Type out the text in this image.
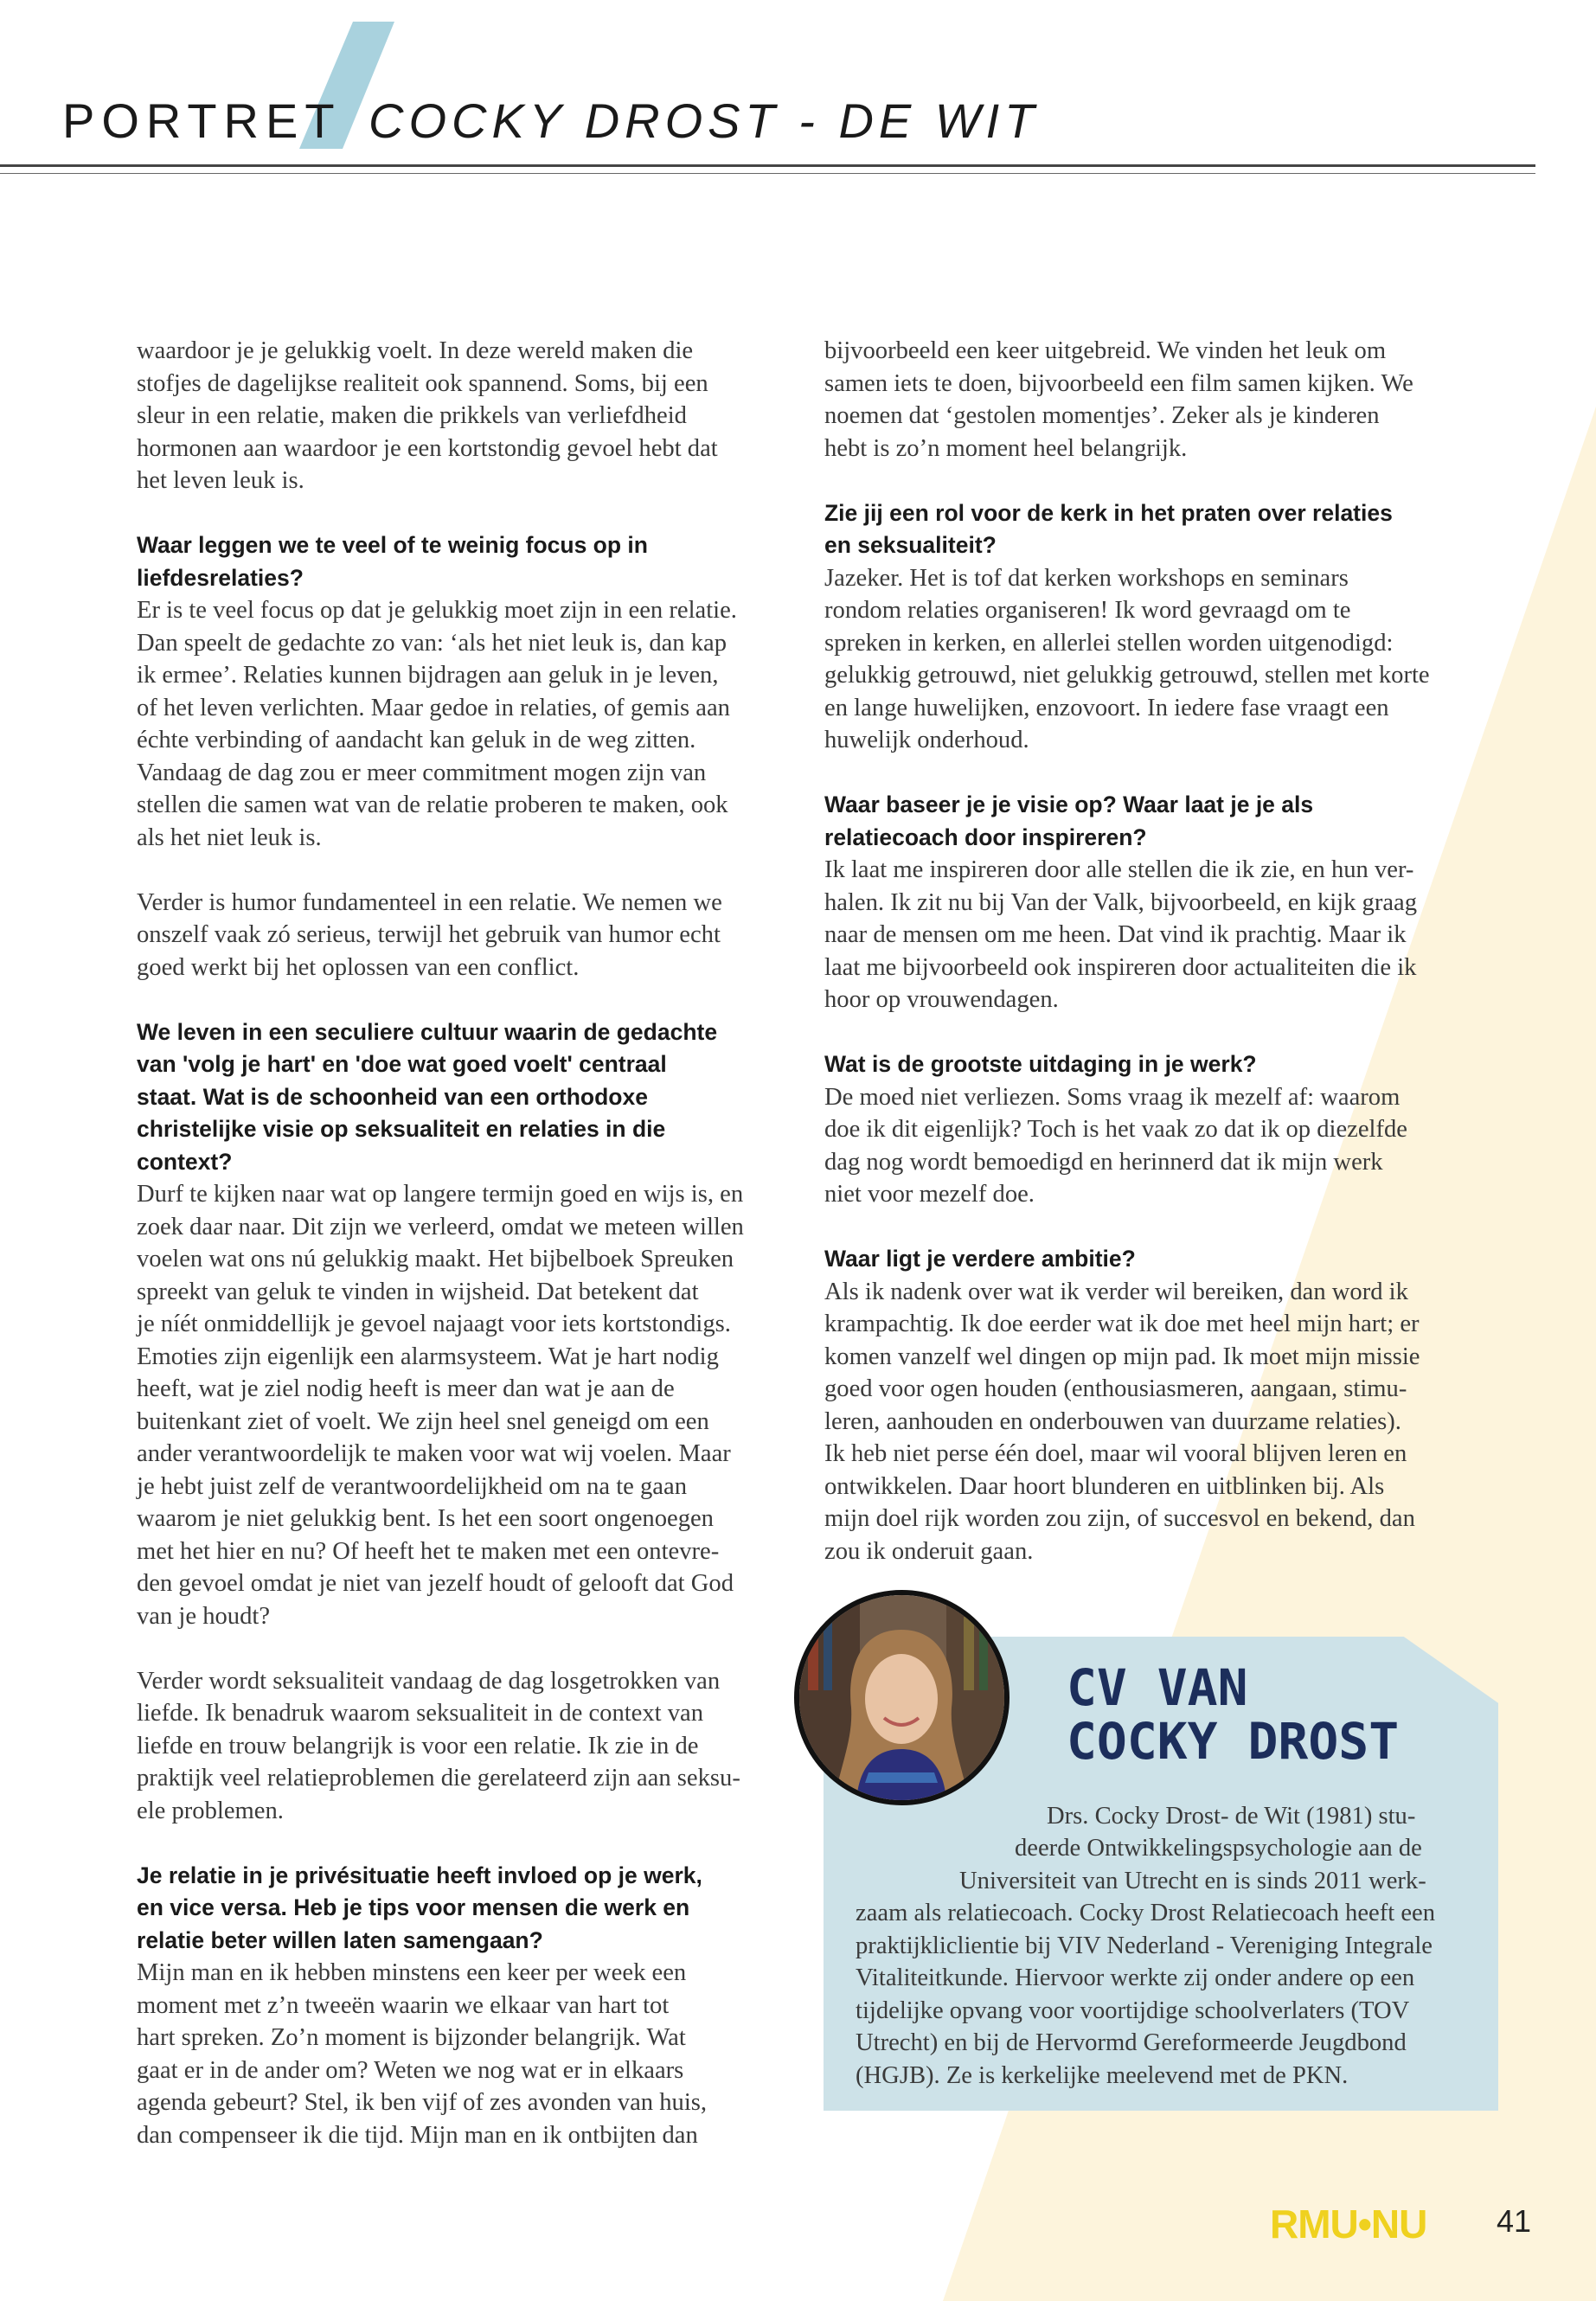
PORTRET COCKY DROST - DE WIT

waardoor je je gelukkig voelt. In deze wereld maken die
stofjes de dagelijkse realiteit ook spannend. Soms, bij een
sleur in een relatie, maken die prikkels van verliefdheid
hormonen aan waardoor je een kortstondig gevoel hebt dat
het leven leuk is.

Waar leggen we te veel of te weinig focus op in
liefdesrelaties?
Er is te veel focus op dat je gelukkig moet zijn in een relatie.
Dan speelt de gedachte zo van: ‘als het niet leuk is, dan kap
ik ermee’. Relaties kunnen bijdragen aan geluk in je leven,
of het leven verlichten. Maar gedoe in relaties, of gemis aan
échte verbinding of aandacht kan geluk in de weg zitten.
Vandaag de dag zou er meer commitment mogen zijn van
stellen die samen wat van de relatie proberen te maken, ook
als het niet leuk is.

Verder is humor fundamenteel in een relatie. We nemen we
onszelf vaak zó serieus, terwijl het gebruik van humor echt
goed werkt bij het oplossen van een conflict.

We leven in een seculiere cultuur waarin de gedachte
van 'volg je hart' en 'doe wat goed voelt' centraal
staat. Wat is de schoonheid van een orthodoxe
christelijke visie op seksualiteit en relaties in die
context?
Durf te kijken naar wat op langere termijn goed en wijs is, en
zoek daar naar. Dit zijn we verleerd, omdat we meteen willen
voelen wat ons nú gelukkig maakt. Het bijbelboek Spreuken
spreekt van geluk te vinden in wijsheid. Dat betekent dat
je níét onmiddellijk je gevoel najaagt voor iets kortstondigs.
Emoties zijn eigenlijk een alarmsysteem. Wat je hart nodig
heeft, wat je ziel nodig heeft is meer dan wat je aan de
buitenkant ziet of voelt. We zijn heel snel geneigd om een
ander verantwoordelijk te maken voor wat wij voelen. Maar
je hebt juist zelf de verantwoordelijkheid om na te gaan
waarom je niet gelukkig bent. Is het een soort ongenoegen
met het hier en nu? Of heeft het te maken met een ontevre-
den gevoel omdat je niet van jezelf houdt of gelooft dat God
van je houdt?

Verder wordt seksualiteit vandaag de dag losgetrokken van
liefde. Ik benadruk waarom seksualiteit in de context van
liefde en trouw belangrijk is voor een relatie. Ik zie in de
praktijk veel relatieproblemen die gerelateerd zijn aan seksu-
ele problemen.

Je relatie in je privésituatie heeft invloed op je werk,
en vice versa. Heb je tips voor mensen die werk en
relatie beter willen laten samengaan?
Mijn man en ik hebben minstens een keer per week een
moment met z’n tweeën waarin we elkaar van hart tot
hart spreken. Zo’n moment is bijzonder belangrijk. Wat
gaat er in de ander om? Weten we nog wat er in elkaars
agenda gebeurt? Stel, ik ben vijf of zes avonden van huis,
dan compenseer ik die tijd. Mijn man en ik ontbijten dan

bijvoorbeeld een keer uitgebreid. We vinden het leuk om
samen iets te doen, bijvoorbeeld een film samen kijken. We
noemen dat ‘gestolen momentjes’. Zeker als je kinderen
hebt is zo’n moment heel belangrijk.

Zie jij een rol voor de kerk in het praten over relaties
en seksualiteit?
Jazeker. Het is tof dat kerken workshops en seminars
rondom relaties organiseren! Ik word gevraagd om te
spreken in kerken, en allerlei stellen worden uitgenodigd:
gelukkig getrouwd, niet gelukkig getrouwd, stellen met korte
en lange huwelijken, enzovoort. In iedere fase vraagt een
huwelijk onderhoud.
Waar baseer je je visie op? Waar laat je je als
relatiecoach door inspireren?
Ik laat me inspireren door alle stellen die ik zie, en hun ver-
halen. Ik zit nu bij Van der Valk, bijvoorbeeld, en kijk graag
naar de mensen om me heen. Dat vind ik prachtig. Maar ik
laat me bijvoorbeeld ook inspireren door actualiteiten die ik
hoor op vrouwendagen.
Wat is de grootste uitdaging in je werk?
De moed niet verliezen. Soms vraag ik mezelf af: waarom
doe ik dit eigenlijk? Toch is het vaak zo dat ik op diezelfde
dag nog wordt bemoedigd en herinnerd dat ik mijn werk
niet voor mezelf doe.
Waar ligt je verdere ambitie?
Als ik nadenk over wat ik verder wil bereiken, dan word ik
krampachtig. Ik doe eerder wat ik doe met heel mijn hart; er
komen vanzelf wel dingen op mijn pad. Ik moet mijn missie
goed voor ogen houden (enthousiasmeren, aangaan, stimu-
leren, aanhouden en onderbouwen van duurzame relaties).
Ik heb niet perse één doel, maar wil vooral blijven leren en
ontwikkelen. Daar hoort blunderen en uitblinken bij. Als
mijn doel rijk worden zou zijn, of succesvol en bekend, dan
zou ik onderuit gaan.
CV VAN
COCKY DROST
Drs. Cocky Drost- de Wit (1981) stu-
deerde Ontwikkelingspsychologie aan de
Universiteit van Utrecht en is sinds 2011 werk-
zaam als relatiecoach. Cocky Drost Relatiecoach heeft een
praktijkliclientie bij VIV Nederland - Vereniging Integrale
Vitaliteitkunde. Hiervoor werkte zij onder andere op een
tijdelijke opvang voor voortijdige schoolverlaters (TOV
Utrecht) en bij de Hervormd Gereformeerde Jeugdbond
(HGJB). Ze is kerkelijke meelevend met de PKN.
RMU•NU 41
